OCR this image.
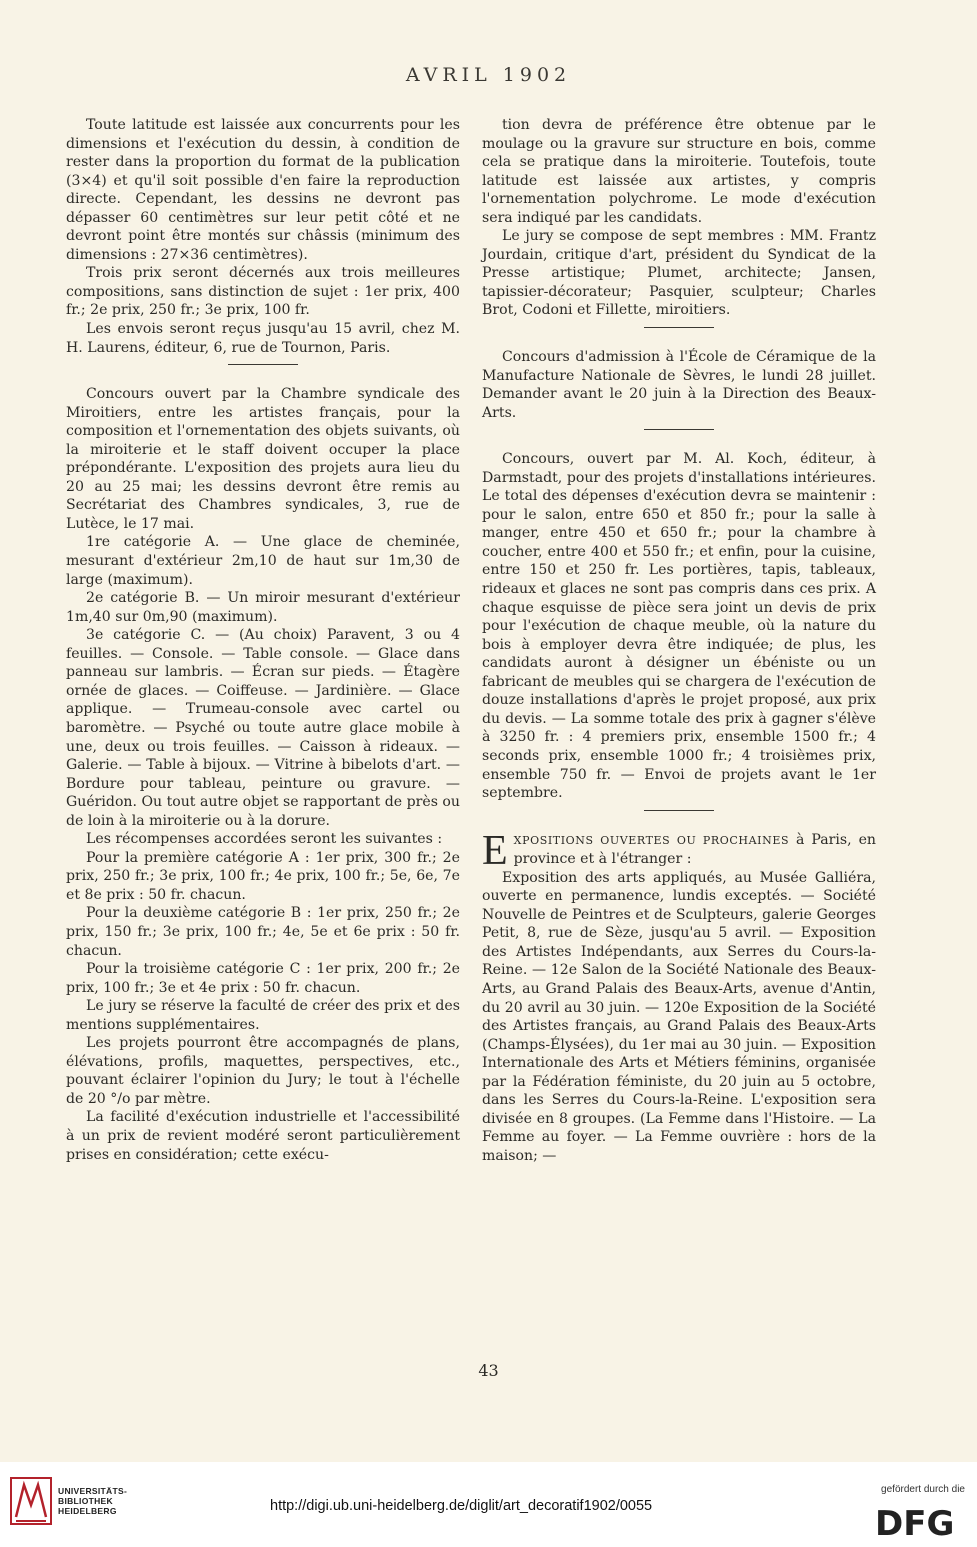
AVRIL 1902

Toute latitude est laissée aux concurrents pour les dimensions et l'exécution du dessin, à condition de rester dans la proportion du format de la publication (3×4) et qu'il soit possible d'en faire la reproduction directe. Cependant, les dessins ne devront pas dépasser 60 centimètres sur leur petit côté et ne devront point être montés sur châssis (minimum des dimensions : 27×36 centimètres).

Trois prix seront décernés aux trois meilleures compositions, sans distinction de sujet : 1er prix, 400 fr.; 2e prix, 250 fr.; 3e prix, 100 fr.

Les envois seront reçus jusqu'au 15 avril, chez M. H. Laurens, éditeur, 6, rue de Tournon, Paris.

Concours ouvert par la Chambre syndicale des Miroitiers, entre les artistes français, pour la composition et l'ornementation des objets suivants, où la miroiterie et le staff doivent occuper la place prépondérante. L'exposition des projets aura lieu du 20 au 25 mai; les dessins devront être remis au Secrétariat des Chambres syndicales, 3, rue de Lutèce, le 17 mai.

1re catégorie A. — Une glace de cheminée, mesurant d'extérieur 2m,10 de haut sur 1m,30 de large (maximum).

2e catégorie B. — Un miroir mesurant d'extérieur 1m,40 sur 0m,90 (maximum).

3e catégorie C. — (Au choix) Paravent, 3 ou 4 feuilles. — Console. — Table console. — Glace dans panneau sur lambris. — Écran sur pieds. — Étagère ornée de glaces. — Coiffeuse. — Jardinière. — Glace applique. — Trumeau-console avec cartel ou baromètre. — Psyché ou toute autre glace mobile à une, deux ou trois feuilles. — Caisson à rideaux. — Galerie. — Table à bijoux. — Vitrine à bibelots d'art. — Bordure pour tableau, peinture ou gravure. — Guéridon. Ou tout autre objet se rapportant de près ou de loin à la miroiterie ou à la dorure.

Les récompenses accordées seront les suivantes :

Pour la première catégorie A : 1er prix, 300 fr.; 2e prix, 250 fr.; 3e prix, 100 fr.; 4e prix, 100 fr.; 5e, 6e, 7e et 8e prix : 50 fr. chacun.

Pour la deuxième catégorie B : 1er prix, 250 fr.; 2e prix, 150 fr.; 3e prix, 100 fr.; 4e, 5e et 6e prix : 50 fr. chacun.

Pour la troisième catégorie C : 1er prix, 200 fr.; 2e prix, 100 fr.; 3e et 4e prix : 50 fr. chacun.

Le jury se réserve la faculté de créer des prix et des mentions supplémentaires.

Les projets pourront être accompagnés de plans, élévations, profils, maquettes, perspectives, etc., pouvant éclairer l'opinion du Jury; le tout à l'échelle de 20 °/o par mètre.

La facilité d'exécution industrielle et l'accessibilité à un prix de revient modéré seront particulièrement prises en considération; cette exécu-

tion devra de préférence être obtenue par le moulage ou la gravure sur structure en bois, comme cela se pratique dans la miroiterie. Toutefois, toute latitude est laissée aux artistes, y compris l'ornementation polychrome. Le mode d'exécution sera indiqué par les candidats.

Le jury se compose de sept membres : MM. Frantz Jourdain, critique d'art, président du Syndicat de la Presse artistique; Plumet, architecte; Jansen, tapissier-décorateur; Pasquier, sculpteur; Charles Brot, Codoni et Fillette, miroitiers.

Concours d'admission à l'École de Céramique de la Manufacture Nationale de Sèvres, le lundi 28 juillet. Demander avant le 20 juin à la Direction des Beaux-Arts.

Concours, ouvert par M. Al. Koch, éditeur, à Darmstadt, pour des projets d'installations intérieures. Le total des dépenses d'exécution devra se maintenir : pour le salon, entre 650 et 850 fr.; pour la salle à manger, entre 450 et 650 fr.; pour la chambre à coucher, entre 400 et 550 fr.; et enfin, pour la cuisine, entre 150 et 250 fr. Les portières, tapis, tableaux, rideaux et glaces ne sont pas compris dans ces prix. A chaque esquisse de pièce sera joint un devis de prix pour l'exécution de chaque meuble, où la nature du bois à employer devra être indiquée; de plus, les candidats auront à désigner un ébéniste ou un fabricant de meubles qui se chargera de l'exécution de douze installations d'après le projet proposé, aux prix du devis. — La somme totale des prix à gagner s'élève à 3250 fr. : 4 premiers prix, ensemble 1500 fr.; 4 seconds prix, ensemble 1000 fr.; 4 troisièmes prix, ensemble 750 fr. — Envoi de projets avant le 1er septembre.

EXPOSITIONS OUVERTES OU PROCHAINES à Paris, en province et à l'étranger :

Exposition des arts appliqués, au Musée Galliéra, ouverte en permanence, lundis exceptés. — Société Nouvelle de Peintres et de Sculpteurs, galerie Georges Petit, 8, rue de Sèze, jusqu'au 5 avril. — Exposition des Artistes Indépendants, aux Serres du Cours-la-Reine. — 12e Salon de la Société Nationale des Beaux-Arts, au Grand Palais des Beaux-Arts, avenue d'Antin, du 20 avril au 30 juin. — 120e Exposition de la Société des Artistes français, au Grand Palais des Beaux-Arts (Champs-Élysées), du 1er mai au 30 juin. — Exposition Internationale des Arts et Métiers féminins, organisée par la Fédération féministe, du 20 juin au 5 octobre, dans les Serres du Cours-la-Reine. L'exposition sera divisée en 8 groupes. (La Femme dans l'Histoire. — La Femme au foyer. — La Femme ouvrière : hors de la maison; —

43
UNIVERSITÄTS-
BIBLIOTHEK
HEIDELBERG	http://digi.ub.uni-heidelberg.de/diglit/art_decoratif1902/0055
gefördert durch die
DFG
